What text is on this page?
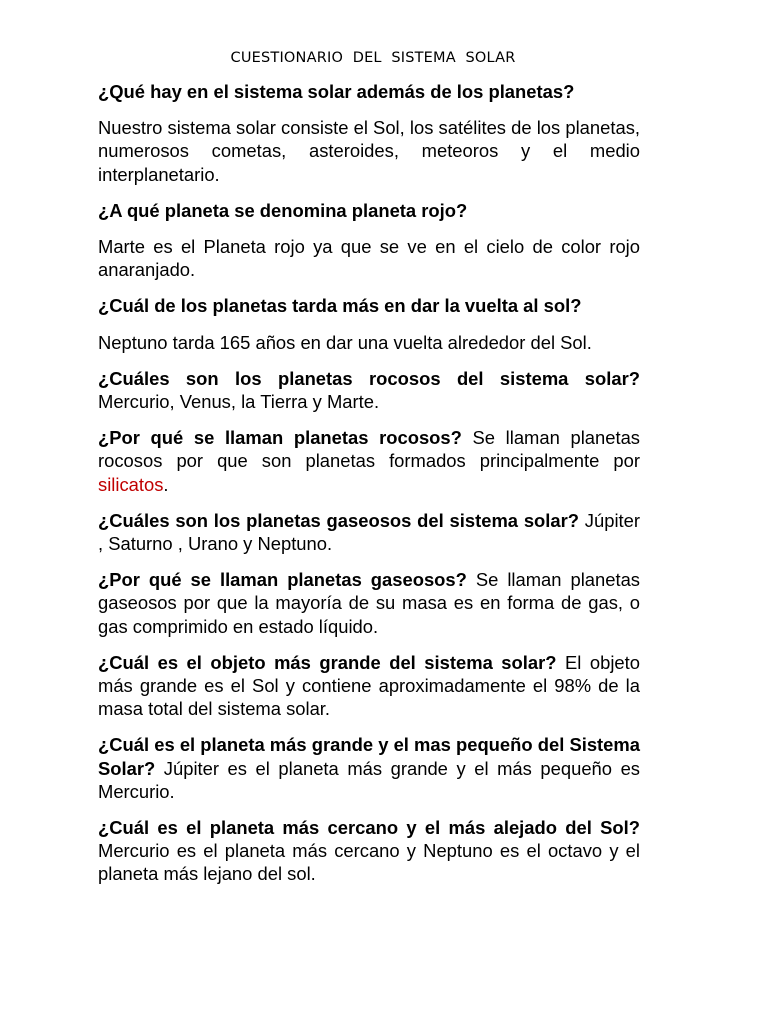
CUESTIONARIO  DEL  SISTEMA  SOLAR

¿Qué hay en el sistema solar además de los planetas?

Nuestro sistema solar consiste el Sol, los satélites de los planetas, numerosos cometas, asteroides, meteoros y el medio interplanetario.

¿A qué planeta se denomina planeta rojo?

Marte es el Planeta rojo ya que se ve en el cielo de color rojo anaranjado.

¿Cuál de los planetas tarda más en dar la vuelta al sol?

Neptuno tarda 165 años en dar una vuelta alrededor del Sol.

¿Cuáles son los planetas rocosos del sistema solar? Mercurio, Venus, la Tierra y Marte.

¿Por qué se llaman planetas rocosos? Se llaman planetas rocosos por que son planetas formados principalmente por silicatos.

¿Cuáles son los planetas gaseosos del sistema solar? Júpiter , Saturno , Urano y Neptuno.

¿Por qué se llaman planetas gaseosos? Se llaman planetas gaseosos por que la mayoría de su masa es en forma de gas, o gas comprimido en estado líquido.

¿Cuál es el objeto más grande del sistema solar? El objeto más grande es el Sol y contiene aproximadamente el 98% de la masa total del sistema solar.

¿Cuál es el planeta más grande y el mas pequeño del Sistema Solar? Júpiter es el planeta más grande y el más pequeño es Mercurio.

¿Cuál es el planeta más cercano y el más alejado del Sol? Mercurio es el planeta más cercano y Neptuno es el octavo y el planeta más lejano del sol.
